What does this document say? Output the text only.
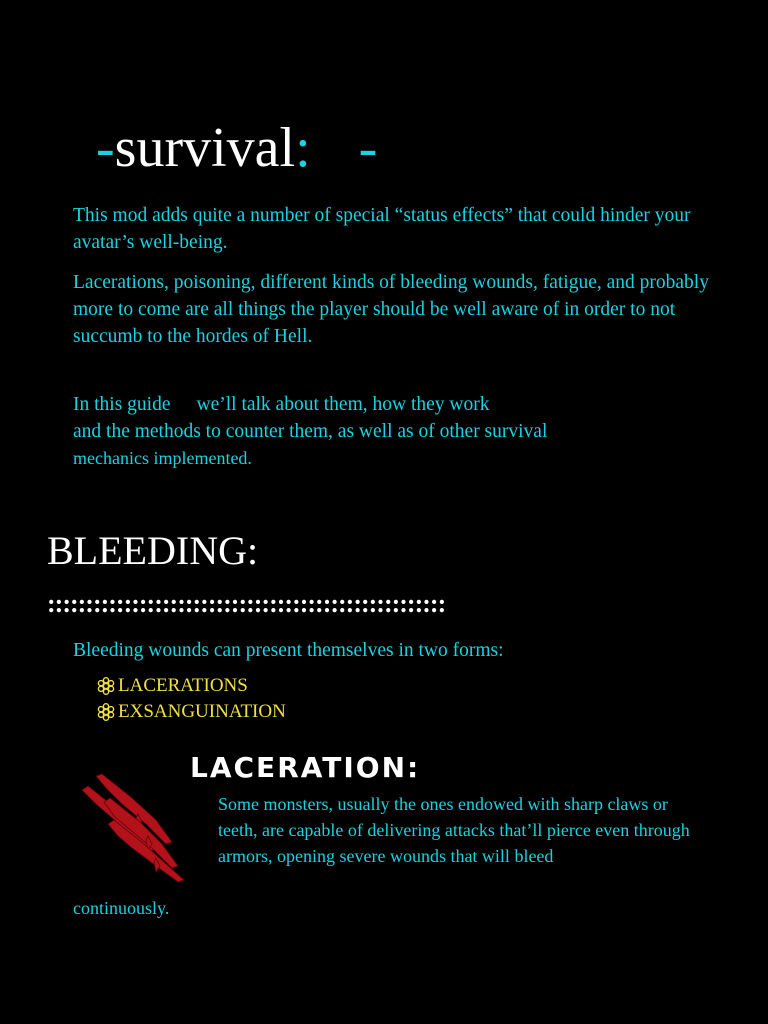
-survival: -

This mod adds quite a number of special “status effects” that could hinder your avatar’s well-being.

Lacerations, poisoning, different kinds of bleeding wounds, fatigue, and probably more to come are all things the player should be well aware of in order to not succumb to the hordes of Hell.

In this guide we’ll talk about them, how they work
and the methods to counter them, as well as of other survival
mechanics implemented.

BLEEDING:
::::::::::::::::::::::::::::::::::::::::::::::::::::

Bleeding wounds can present themselves in two forms:

LACERATIONS
EXSANGUINATION
LACERATION:

Some monsters, usually the ones endowed with sharp claws or teeth, are capable of delivering attacks that’ll pierce even through armors, opening severe wounds that will bleed

continuously.
